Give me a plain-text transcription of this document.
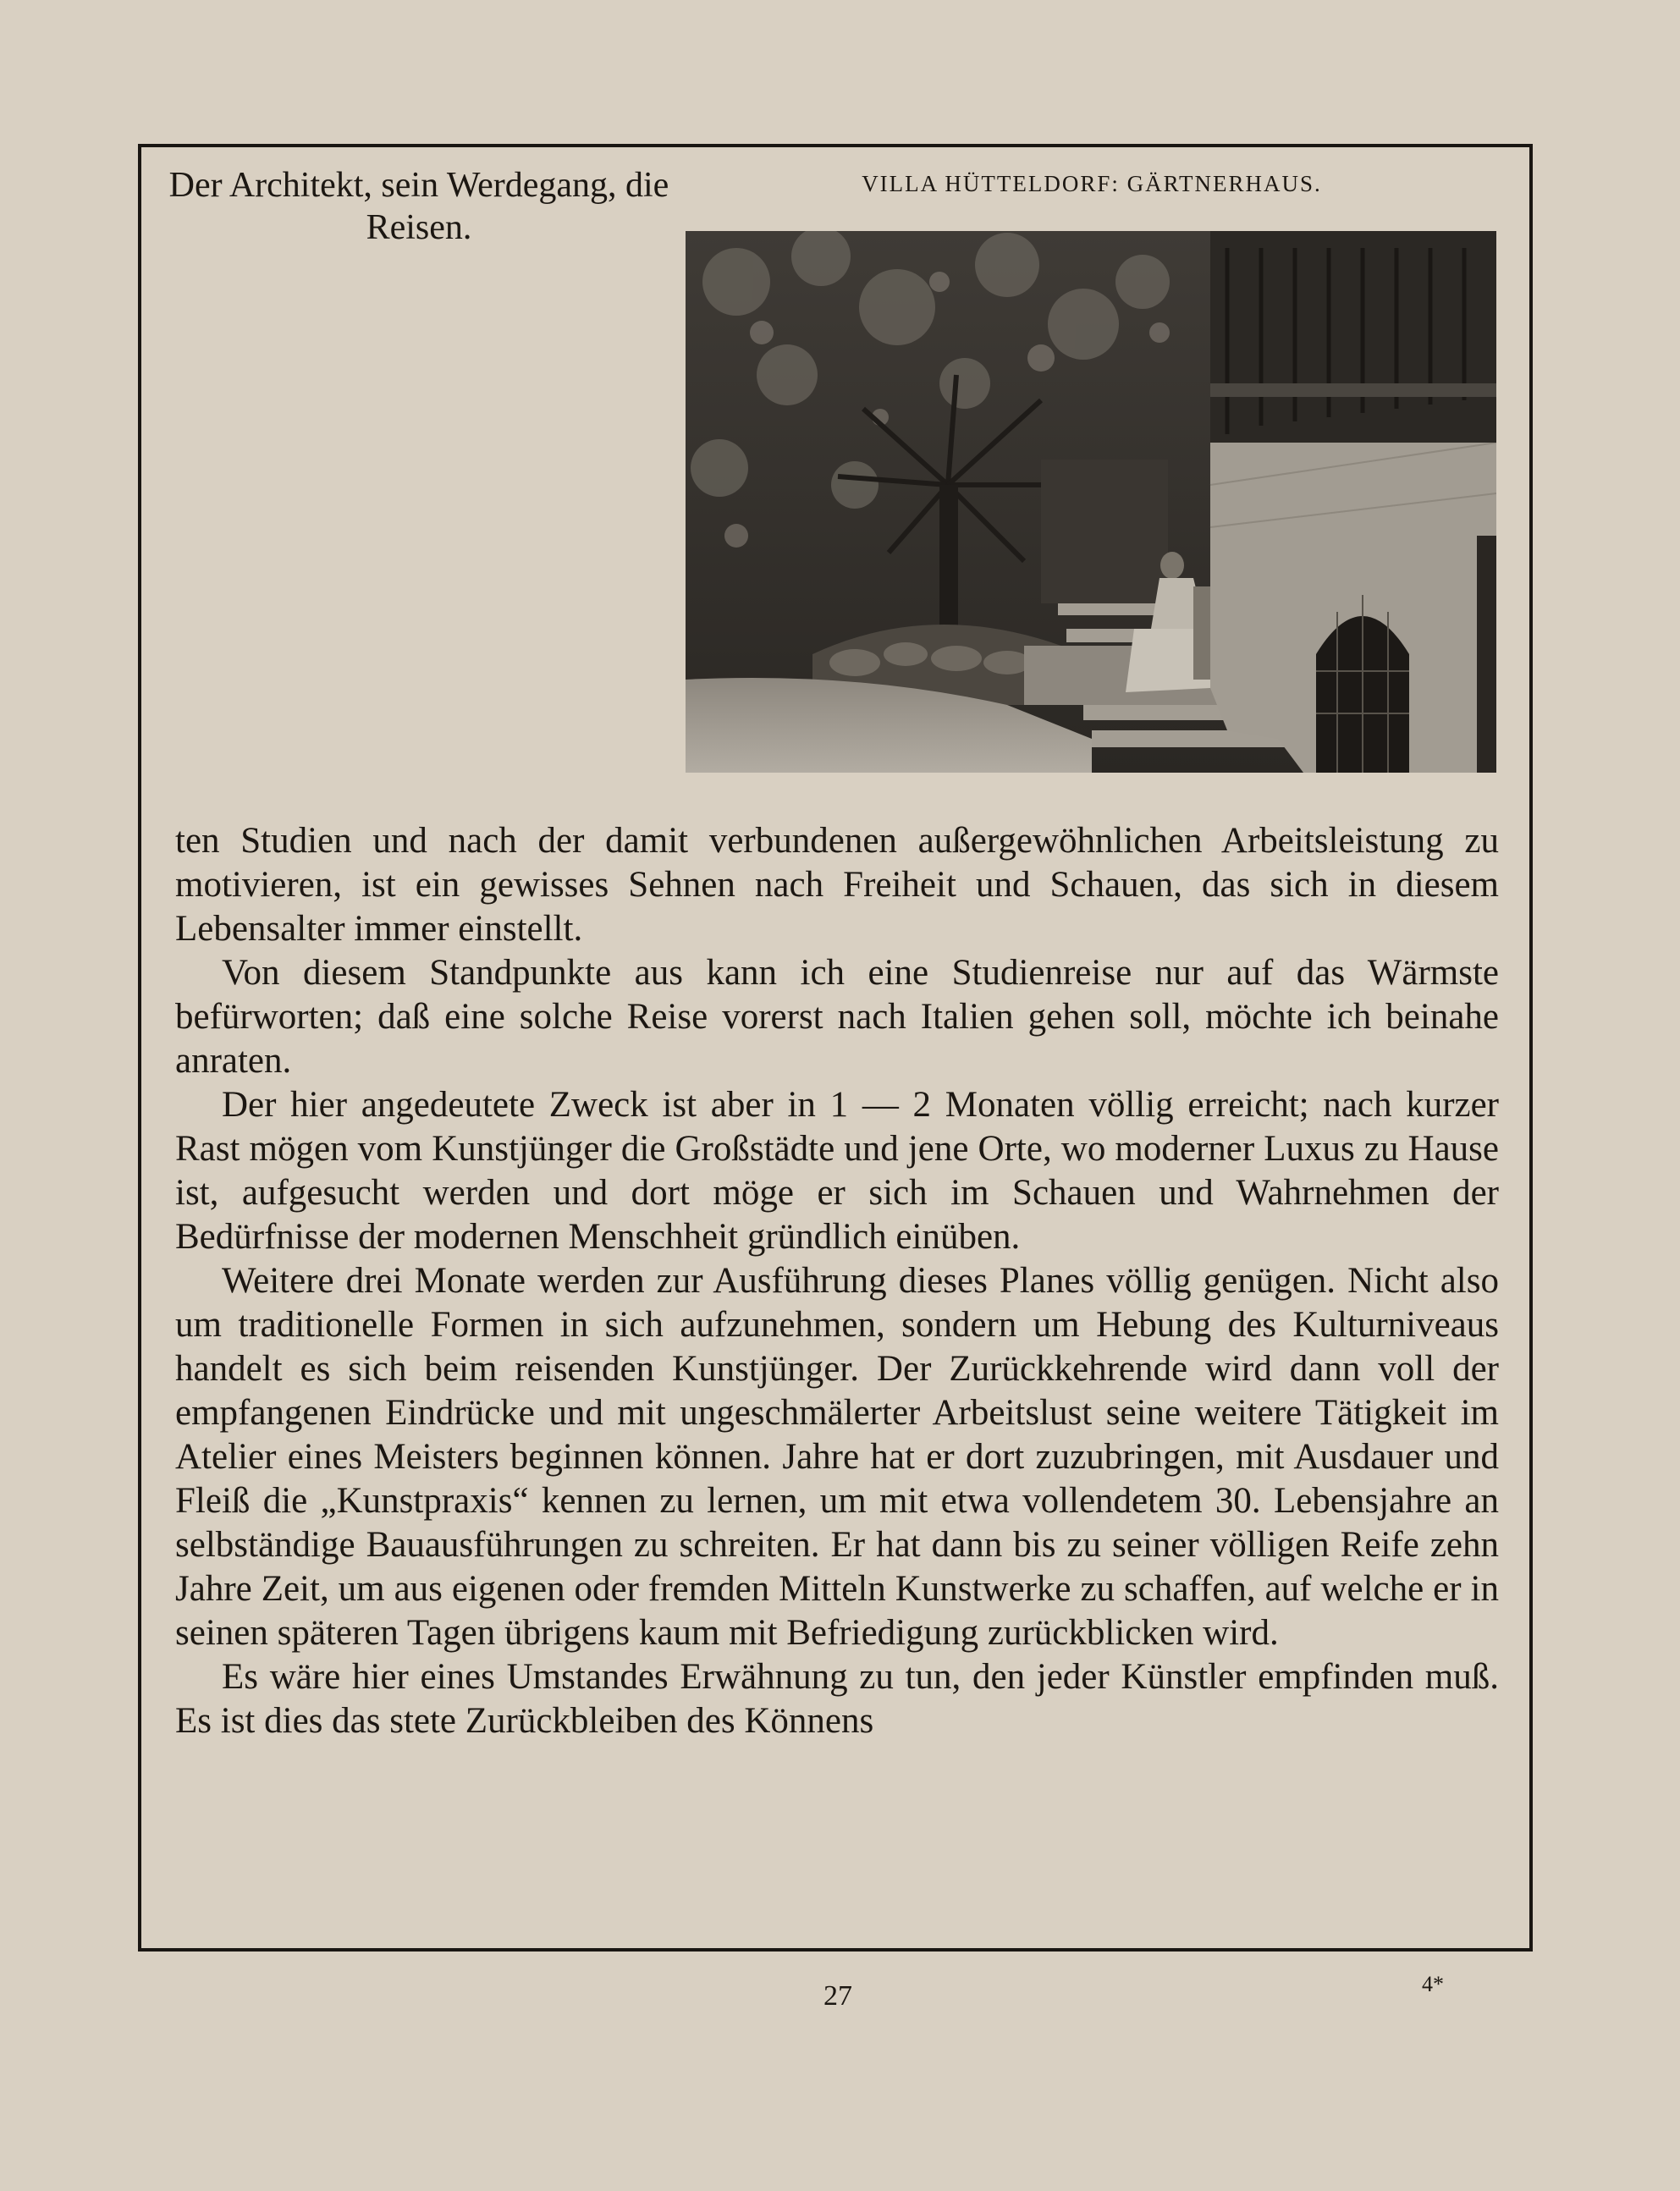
Der Architekt, sein Werdegang, die Reisen.
VILLA HÜTTELDORF: GÄRTNERHAUS.

ten Studien und nach der damit verbundenen außergewöhnlichen Arbeitsleistung zu motivieren, ist ein gewisses Sehnen nach Freiheit und Schauen, das sich in diesem Lebensalter immer einstellt.

Von diesem Standpunkte aus kann ich eine Studienreise nur auf das Wärmste befürworten; daß eine solche Reise vorerst nach Italien gehen soll, möchte ich beinahe anraten.

Der hier angedeutete Zweck ist aber in 1 — 2 Monaten völlig erreicht; nach kurzer Rast mögen vom Kunstjünger die Großstädte und jene Orte, wo moderner Luxus zu Hause ist, aufgesucht werden und dort möge er sich im Schauen und Wahrnehmen der Bedürfnisse der modernen Menschheit gründlich einüben.

Weitere drei Monate werden zur Ausführung dieses Planes völlig genügen. Nicht also um traditionelle Formen in sich aufzunehmen, sondern um Hebung des Kulturniveaus handelt es sich beim reisenden Kunstjünger. Der Zurückkehrende wird dann voll der empfangenen Eindrücke und mit ungeschmälerter Arbeitslust seine weitere Tätigkeit im Atelier eines Meisters beginnen können. Jahre hat er dort zuzubringen, mit Ausdauer und Fleiß die „Kunstpraxis“ kennen zu lernen, um mit etwa vollendetem 30. Lebensjahre an selbständige Bauausführungen zu schreiten. Er hat dann bis zu seiner völligen Reife zehn Jahre Zeit, um aus eigenen oder fremden Mitteln Kunstwerke zu schaffen, auf welche er in seinen späteren Tagen übrigens kaum mit Befriedigung zurückblicken wird.

Es wäre hier eines Umstandes Erwähnung zu tun, den jeder Künstler empfinden muß. Es ist dies das stete Zurückbleiben des Könnens

27	4*
